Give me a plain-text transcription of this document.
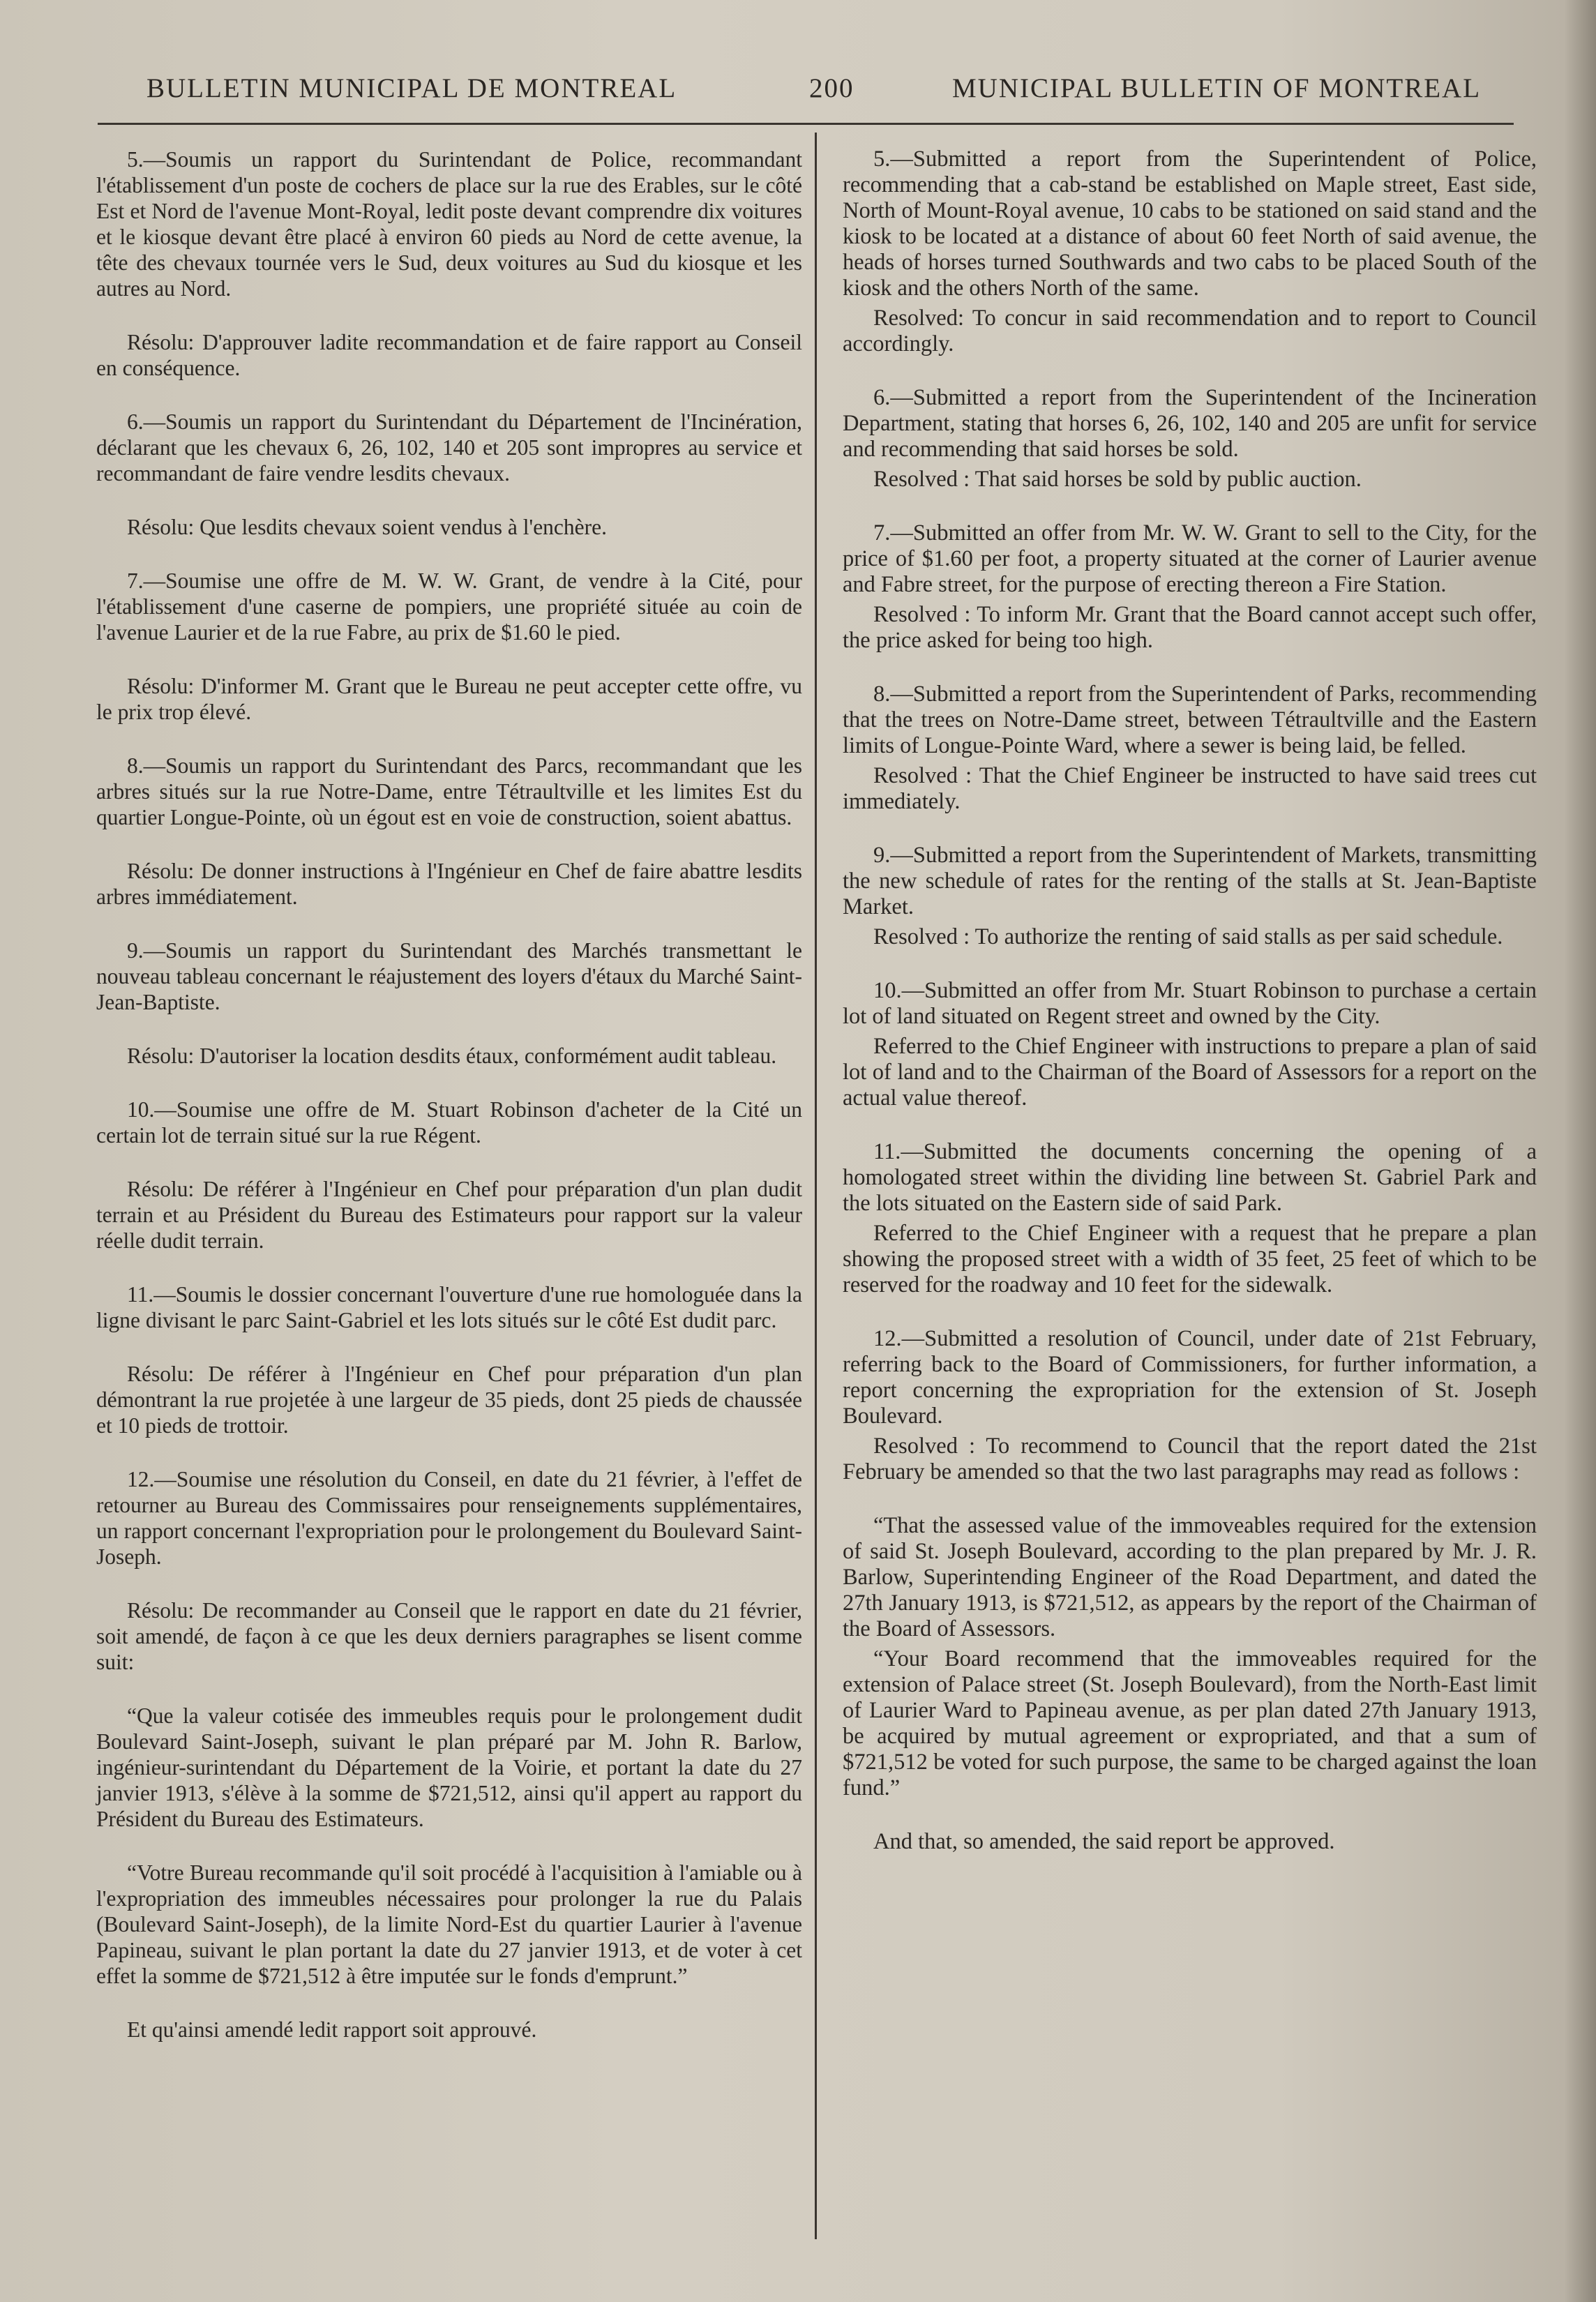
BULLETIN MUNICIPAL DE MONTREAL	200	MUNICIPAL BULLETIN OF MONTREAL

5.—Soumis un rapport du Surintendant de Police, recommandant l'établissement d'un poste de cochers de place sur la rue des Erables, sur le côté Est et Nord de l'avenue Mont-Royal, ledit poste devant comprendre dix voitures et le kiosque devant être placé à environ 60 pieds au Nord de cette avenue, la tête des chevaux tournée vers le Sud, deux voitures au Sud du kiosque et les autres au Nord.

Résolu: D'approuver ladite recommandation et de faire rapport au Conseil en conséquence.

6.—Soumis un rapport du Surintendant du Département de l'Incinération, déclarant que les chevaux 6, 26, 102, 140 et 205 sont impropres au service et recommandant de faire vendre lesdits chevaux.

Résolu: Que lesdits chevaux soient vendus à l'enchère.

7.—Soumise une offre de M. W. W. Grant, de vendre à la Cité, pour l'établissement d'une caserne de pompiers, une propriété située au coin de l'avenue Laurier et de la rue Fabre, au prix de $1.60 le pied.

Résolu: D'informer M. Grant que le Bureau ne peut accepter cette offre, vu le prix trop élevé.

8.—Soumis un rapport du Surintendant des Parcs, recommandant que les arbres situés sur la rue Notre-Dame, entre Tétraultville et les limites Est du quartier Longue-Pointe, où un égout est en voie de construction, soient abattus.

Résolu: De donner instructions à l'Ingénieur en Chef de faire abattre lesdits arbres immédiatement.

9.—Soumis un rapport du Surintendant des Marchés transmettant le nouveau tableau concernant le réajustement des loyers d'étaux du Marché Saint-Jean-Baptiste.

Résolu: D'autoriser la location desdits étaux, conformément audit tableau.

10.—Soumise une offre de M. Stuart Robinson d'acheter de la Cité un certain lot de terrain situé sur la rue Régent.

Résolu: De référer à l'Ingénieur en Chef pour préparation d'un plan dudit terrain et au Président du Bureau des Estimateurs pour rapport sur la valeur réelle dudit terrain.

11.—Soumis le dossier concernant l'ouverture d'une rue homologuée dans la ligne divisant le parc Saint-Gabriel et les lots situés sur le côté Est dudit parc.

Résolu: De référer à l'Ingénieur en Chef pour préparation d'un plan démontrant la rue projetée à une largeur de 35 pieds, dont 25 pieds de chaussée et 10 pieds de trottoir.

12.—Soumise une résolution du Conseil, en date du 21 février, à l'effet de retourner au Bureau des Commissaires pour renseignements supplémentaires, un rapport concernant l'expropriation pour le prolongement du Boulevard Saint-Joseph.

Résolu: De recommander au Conseil que le rapport en date du 21 février, soit amendé, de façon à ce que les deux derniers paragraphes se lisent comme suit:

“Que la valeur cotisée des immeubles requis pour le prolongement dudit Boulevard Saint-Joseph, suivant le plan préparé par M. John R. Barlow, ingénieur-surintendant du Département de la Voirie, et portant la date du 27 janvier 1913, s'élève à la somme de $721,512, ainsi qu'il appert au rapport du Président du Bureau des Estimateurs.

“Votre Bureau recommande qu'il soit procédé à l'acquisition à l'amiable ou à l'expropriation des immeubles nécessaires pour prolonger la rue du Palais (Boulevard Saint-Joseph), de la limite Nord-Est du quartier Laurier à l'avenue Papineau, suivant le plan portant la date du 27 janvier 1913, et de voter à cet effet la somme de $721,512 à être imputée sur le fonds d'emprunt.”

Et qu'ainsi amendé ledit rapport soit approuvé.

5.—Submitted a report from the Superintendent of Police, recommending that a cab-stand be established on Maple street, East side, North of Mount-Royal avenue, 10 cabs to be stationed on said stand and the kiosk to be located at a distance of about 60 feet North of said avenue, the heads of horses turned Southwards and two cabs to be placed South of the kiosk and the others North of the same.

Resolved: To concur in said recommendation and to report to Council accordingly.

6.—Submitted a report from the Superintendent of the Incineration Department, stating that horses 6, 26, 102, 140 and 205 are unfit for service and recommending that said horses be sold.

Resolved : That said horses be sold by public auction.

7.—Submitted an offer from Mr. W. W. Grant to sell to the City, for the price of $1.60 per foot, a property situated at the corner of Laurier avenue and Fabre street, for the purpose of erecting thereon a Fire Station.

Resolved : To inform Mr. Grant that the Board cannot accept such offer, the price asked for being too high.

8.—Submitted a report from the Superintendent of Parks, recommending that the trees on Notre-Dame street, between Tétraultville and the Eastern limits of Longue-Pointe Ward, where a sewer is being laid, be felled.

Resolved : That the Chief Engineer be instructed to have said trees cut immediately.

9.—Submitted a report from the Superintendent of Markets, transmitting the new schedule of rates for the renting of the stalls at St. Jean-Baptiste Market.

Resolved : To authorize the renting of said stalls as per said schedule.

10.—Submitted an offer from Mr. Stuart Robinson to purchase a certain lot of land situated on Regent street and owned by the City.

Referred to the Chief Engineer with instructions to prepare a plan of said lot of land and to the Chairman of the Board of Assessors for a report on the actual value thereof.

11.—Submitted the documents concerning the opening of a homologated street within the dividing line between St. Gabriel Park and the lots situated on the Eastern side of said Park.

Referred to the Chief Engineer with a request that he prepare a plan showing the proposed street with a width of 35 feet, 25 feet of which to be reserved for the roadway and 10 feet for the sidewalk.

12.—Submitted a resolution of Council, under date of 21st February, referring back to the Board of Commissioners, for further information, a report concerning the expropriation for the extension of St. Joseph Boulevard.

Resolved : To recommend to Council that the report dated the 21st February be amended so that the two last paragraphs may read as follows :

“That the assessed value of the immoveables required for the extension of said St. Joseph Boulevard, according to the plan prepared by Mr. J. R. Barlow, Superintending Engineer of the Road Department, and dated the 27th January 1913, is $721,512, as appears by the report of the Chairman of the Board of Assessors.

“Your Board recommend that the immoveables required for the extension of Palace street (St. Joseph Boulevard), from the North-East limit of Laurier Ward to Papineau avenue, as per plan dated 27th January 1913, be acquired by mutual agreement or expropriated, and that a sum of $721,512 be voted for such purpose, the same to be charged against the loan fund.”

And that, so amended, the said report be approved.
